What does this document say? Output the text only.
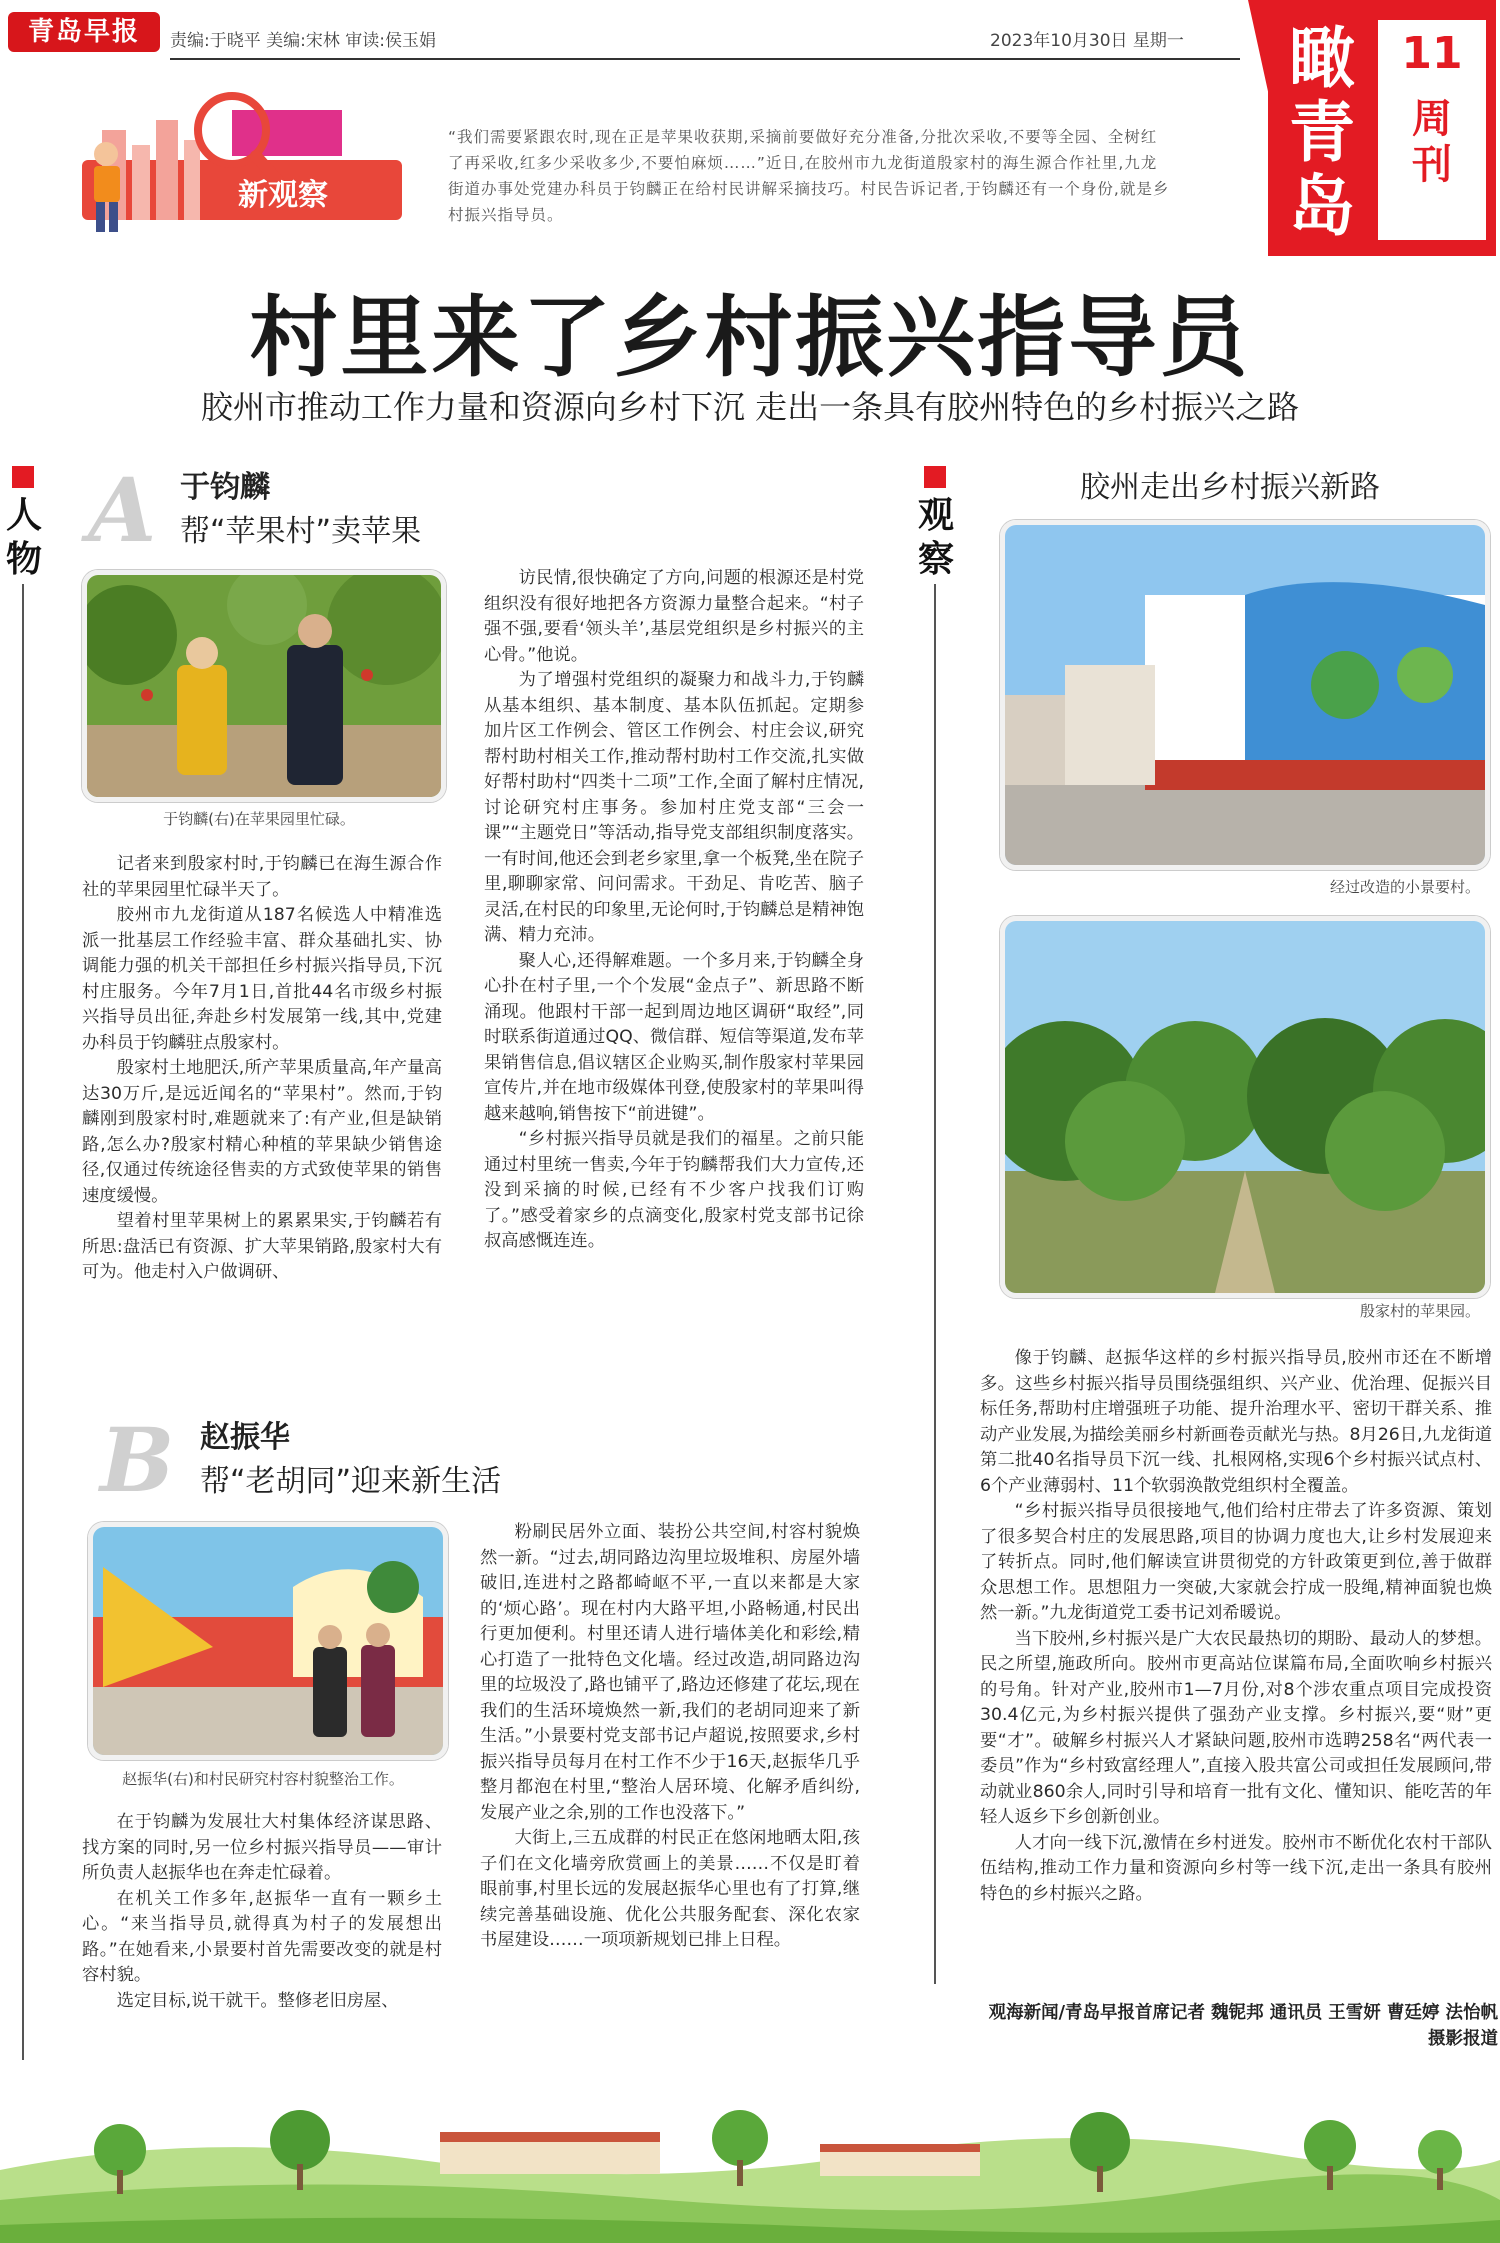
青岛早报	责编:于晓平 美编:宋林 审读:侯玉娟	2023年10月30日 星期一 瞰青岛
11
周刊
新观察
“我们需要紧跟农时,现在正是苹果收获期,采摘前要做好充分准备,分批次采收,不要等全园、全树红了再采收,红多少采收多少,不要怕麻烦……”近日,在胶州市九龙街道殷家村的海生源合作社里,九龙街道办事处党建办科员于钧麟正在给村民讲解采摘技巧。村民告诉记者,于钧麟还有一个身份,就是乡村振兴指导员。
村里来了乡村振兴指导员
胶州市推动工作力量和资源向乡村下沉 走出一条具有胶州特色的乡村振兴之路
人物 A 于钧麟
帮“苹果村”卖苹果
于钧麟(右)在苹果园里忙碌。

记者来到殷家村时,于钧麟已在海生源合作社的苹果园里忙碌半天了。

胶州市九龙街道从187名候选人中精准选派一批基层工作经验丰富、群众基础扎实、协调能力强的机关干部担任乡村振兴指导员,下沉村庄服务。今年7月1日,首批44名市级乡村振兴指导员出征,奔赴乡村发展第一线,其中,党建办科员于钧麟驻点殷家村。

殷家村土地肥沃,所产苹果质量高,年产量高达30万斤,是远近闻名的“苹果村”。然而,于钧麟刚到殷家村时,难题就来了:有产业,但是缺销路,怎么办?殷家村精心种植的苹果缺少销售途径,仅通过传统途径售卖的方式致使苹果的销售速度缓慢。

望着村里苹果树上的累累果实,于钧麟若有所思:盘活已有资源、扩大苹果销路,殷家村大有可为。他走村入户做调研、

访民情,很快确定了方向,问题的根源还是村党组织没有很好地把各方资源力量整合起来。“村子强不强,要看‘领头羊’,基层党组织是乡村振兴的主心骨。”他说。

为了增强村党组织的凝聚力和战斗力,于钧麟从基本组织、基本制度、基本队伍抓起。定期参加片区工作例会、管区工作例会、村庄会议,研究帮村助村相关工作,推动帮村助村工作交流,扎实做好帮村助村“四类十二项”工作,全面了解村庄情况,讨论研究村庄事务。参加村庄党支部“三会一课”“主题党日”等活动,指导党支部组织制度落实。一有时间,他还会到老乡家里,拿一个板凳,坐在院子里,聊聊家常、问问需求。干劲足、肯吃苦、脑子灵活,在村民的印象里,无论何时,于钧麟总是精神饱满、精力充沛。

聚人心,还得解难题。一个多月来,于钧麟全身心扑在村子里,一个个发展“金点子”、新思路不断涌现。他跟村干部一起到周边地区调研“取经”,同时联系街道通过QQ、微信群、短信等渠道,发布苹果销售信息,倡议辖区企业购买,制作殷家村苹果园宣传片,并在地市级媒体刊登,使殷家村的苹果叫得越来越响,销售按下“前进键”。

“乡村振兴指导员就是我们的福星。之前只能通过村里统一售卖,今年于钧麟帮我们大力宣传,还没到采摘的时候,已经有不少客户找我们订购了。”感受着家乡的点滴变化,殷家村党支部书记徐叔高感慨连连。

B 赵振华
帮“老胡同”迎来新生活
赵振华(右)和村民研究村容村貌整治工作。

在于钧麟为发展壮大村集体经济谋思路、找方案的同时,另一位乡村振兴指导员——审计所负责人赵振华也在奔走忙碌着。

在机关工作多年,赵振华一直有一颗乡土心。“来当指导员,就得真为村子的发展想出路。”在她看来,小景要村首先需要改变的就是村容村貌。

选定目标,说干就干。整修老旧房屋、

粉刷民居外立面、装扮公共空间,村容村貌焕然一新。“过去,胡同路边沟里垃圾堆积、房屋外墙破旧,连进村之路都崎岖不平,一直以来都是大家的‘烦心路’。现在村内大路平坦,小路畅通,村民出行更加便利。村里还请人进行墙体美化和彩绘,精心打造了一批特色文化墙。经过改造,胡同路边沟里的垃圾没了,路也铺平了,路边还修建了花坛,现在我们的生活环境焕然一新,我们的老胡同迎来了新生活。”小景要村党支部书记卢超说,按照要求,乡村振兴指导员每月在村工作不少于16天,赵振华几乎整月都泡在村里,“整治人居环境、化解矛盾纠纷,发展产业之余,别的工作也没落下。”

大街上,三五成群的村民正在悠闲地晒太阳,孩子们在文化墙旁欣赏画上的美景……不仅是盯着眼前事,村里长远的发展赵振华心里也有了打算,继续完善基础设施、优化公共服务配套、深化农家书屋建设……一项项新规划已排上日程。

观察
胶州走出乡村振兴新路
经过改造的小景要村。
殷家村的苹果园。

像于钧麟、赵振华这样的乡村振兴指导员,胶州市还在不断增多。这些乡村振兴指导员围绕强组织、兴产业、优治理、促振兴目标任务,帮助村庄增强班子功能、提升治理水平、密切干群关系、推动产业发展,为描绘美丽乡村新画卷贡献光与热。8月26日,九龙街道第二批40名指导员下沉一线、扎根网格,实现6个乡村振兴试点村、6个产业薄弱村、11个软弱涣散党组织村全覆盖。

“乡村振兴指导员很接地气,他们给村庄带去了许多资源、策划了很多契合村庄的发展思路,项目的协调力度也大,让乡村发展迎来了转折点。同时,他们解读宣讲贯彻党的方针政策更到位,善于做群众思想工作。思想阻力一突破,大家就会拧成一股绳,精神面貌也焕然一新。”九龙街道党工委书记刘希暖说。

当下胶州,乡村振兴是广大农民最热切的期盼、最动人的梦想。民之所望,施政所向。胶州市更高站位谋篇布局,全面吹响乡村振兴的号角。针对产业,胶州市1—7月份,对8个涉农重点项目完成投资30.4亿元,为乡村振兴提供了强劲产业支撑。乡村振兴,要“财”更要“才”。破解乡村振兴人才紧缺问题,胶州市选聘258名“两代表一委员”作为“乡村致富经理人”,直接入股共富公司或担任发展顾问,带动就业860余人,同时引导和培育一批有文化、懂知识、能吃苦的年轻人返乡下乡创新创业。

人才向一线下沉,激情在乡村迸发。胶州市不断优化农村干部队伍结构,推动工作力量和资源向乡村等一线下沉,走出一条具有胶州特色的乡村振兴之路。

观海新闻/青岛早报首席记者 魏铌邦 通讯员 王雪妍 曹廷婷 法怡帆 摄影报道
